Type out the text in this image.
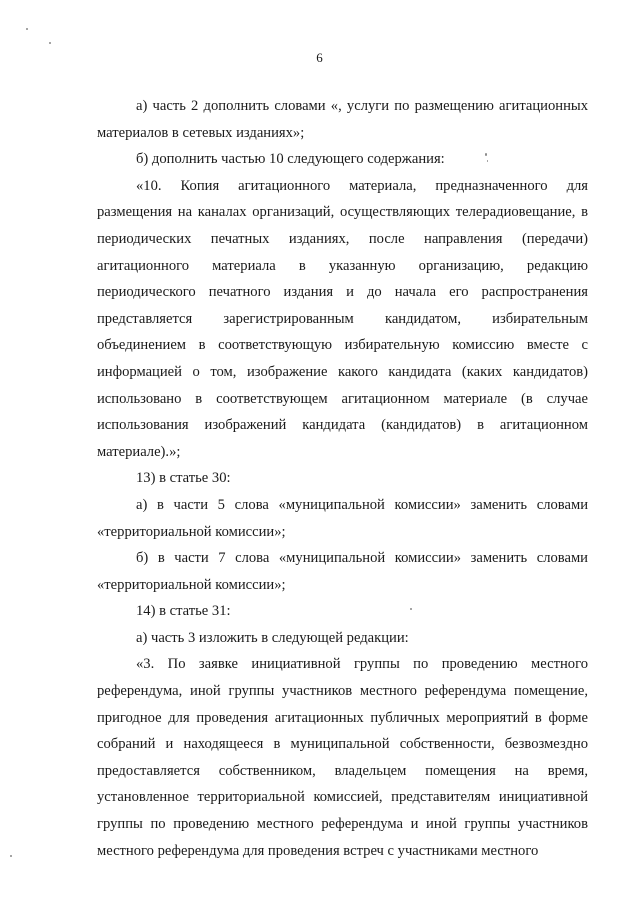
6

а) часть 2 дополнить словами «, услуги по размещению агитационных материалов в сетевых изданиях»;

б) дополнить частью 10 следующего содержания:

«10. Копия агитационного материала, предназначенного для размещения на каналах организаций, осуществляющих телерадиовещание, в периодических печатных изданиях, после направления (передачи) агитационного материала в указанную организацию, редакцию периодического печатного издания и до начала его распространения представляется зарегистрированным кандидатом, избирательным объединением в соответствующую избирательную комиссию вместе с информацией о том, изображение какого кандидата (каких кандидатов) использовано в соответствующем агитационном материале (в случае использования изображений кандидата (кандидатов) в агитационном материале).»;

13) в статье 30:

а) в части 5 слова «муниципальной комиссии» заменить словами «территориальной комиссии»;

б) в части 7 слова «муниципальной комиссии» заменить словами «территориальной комиссии»;

14) в статье 31:

а) часть 3 изложить в следующей редакции:

«3. По заявке инициативной группы по проведению местного референдума, иной группы участников местного референдума помещение, пригодное для проведения агитационных публичных мероприятий в форме собраний и находящееся в муниципальной собственности, безвозмездно предоставляется собственником, владельцем помещения на время, установленное территориальной комиссией, представителям инициативной группы по проведению местного референдума и иной группы участников местного референдума для проведения встреч с участниками местного
